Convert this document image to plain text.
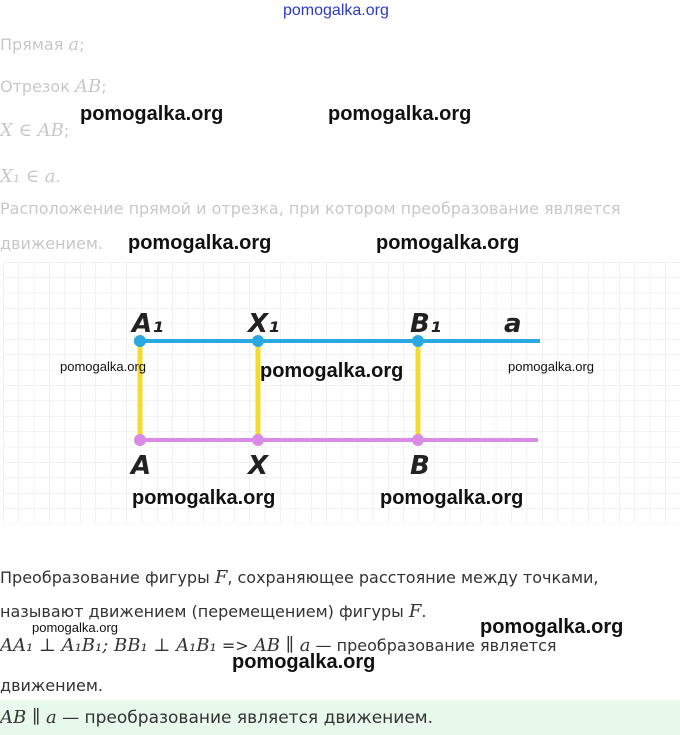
pomogalka.org
Прямая a;
Отрезок AB;
X ∈ AB;
X₁ ∈ a.
Расположение прямой и отрезка, при котором преобразование является
движением.
pomogalka.org	pomogalka.org
pomogalka.org	pomogalka.org
A₁	X₁	B₁ a
A	X	B
pomogalka.org	pomogalka.org	pomogalka.org
pomogalka.org	pomogalka.org
Преобразование фигуры F, сохраняющее расстояние между точками,
называют движением (перемещением) фигуры F.
AA₁ ⊥ A₁B₁; BB₁ ⊥ A₁B₁ => AB ∥ a — преобразование является
движением.
pomogalka.org	pomogalka.org
pomogalka.org
AB ∥ a — преобразование является движением.
